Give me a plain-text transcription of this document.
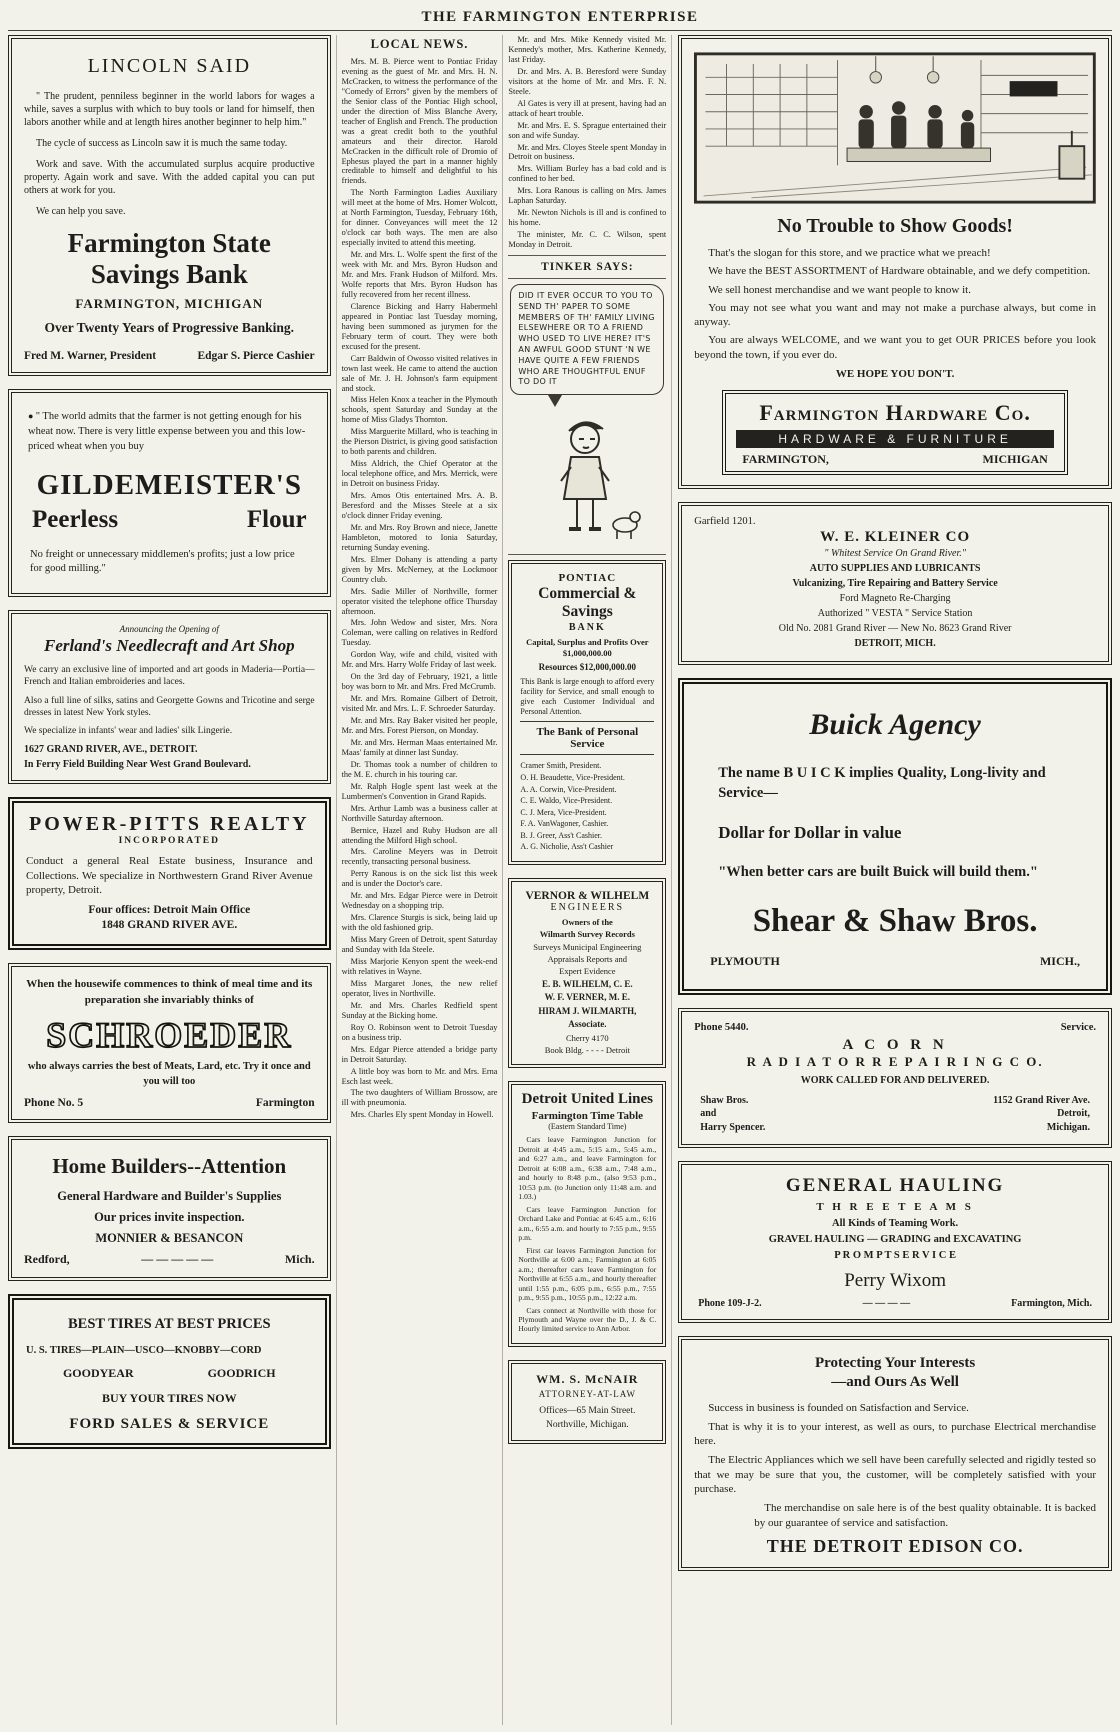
THE FARMINGTON ENTERPRISE
LINCOLN SAID

" The prudent, penniless beginner in the world labors for wages a while, saves a surplus with which to buy tools or land for himself, then labors another while and at length hires another beginner to help him."

The cycle of success as Lincoln saw it is much the same today.

Work and save. With the accumulated surplus acquire productive property. Again work and save. With the added capital you can put others at work for you.

We can help you save.

Farmington State Savings Bank

FARMINGTON, MICHIGAN

Over Twenty Years of Progressive Banking.

Fred M. Warner, President	Edgar S. Pierce Cashier

● " The world admits that the farmer is not getting enough for his wheat now. There is very little expense between you and this low-priced wheat when you buy

GILDEMEISTER'S
Peerless	Flour

No freight or unnecessary middlemen's profits; just a low price for good milling."

Announcing the Opening of

Ferland's Needlecraft and Art Shop

We carry an exclusive line of imported and art goods in Maderia—Portia—French and Italian embroideries and laces.

Also a full line of silks, satins and Georgette Gowns and Tricotine and serge dresses in latest New York styles.

We specialize in infants' wear and ladies' silk Lingerie.

1627 GRAND RIVER, AVE., DETROIT.

In Ferry Field Building Near West Grand Boulevard.

POWER-PITTS REALTY

INCORPORATED

Conduct a general Real Estate business, Insurance and Collections. We specialize in Northwestern Grand River Avenue property, Detroit.

Four offices: Detroit Main Office

1848 GRAND RIVER AVE.

When the housewife commences to think of meal time and its preparation she invariably thinks of

SCHROEDER

who always carries the best of Meats, Lard, etc. Try it once and you will too

Phone No. 5	Farmington
Home Builders--Attention

General Hardware and Builder's Supplies

Our prices invite inspection.

MONNIER & BESANCON

Redford,	— — — — —	Mich.
BEST TIRES AT BEST PRICES

U. S. TIRES—PLAIN—USCO—KNOBBY—CORD

GOODYEAR	GOODRICH

BUY YOUR TIRES NOW

FORD SALES & SERVICE

LOCAL NEWS.

Mrs. M. B. Pierce went to Pontiac Friday evening as the guest of Mr. and Mrs. H. N. McCracken, to witness the performance of the "Comedy of Errors" given by the members of the Senior class of the Pontiac High school, under the direction of Miss Blanche Avery, teacher of English and French. The production was a great credit both to the youthful amateurs and their director. Harold McCracken in the difficult role of Dromio of Ephesus played the part in a manner highly creditable to himself and delightful to his friends.

The North Farmington Ladies Auxiliary will meet at the home of Mrs. Homer Wolcott, at North Farmington, Tuesday, February 16th, for dinner. Conveyances will meet the 12 o'clock car both ways. The men are also especially invited to attend this meeting.

Mr. and Mrs. L. Wolfe spent the first of the week with Mr. and Mrs. Byron Hudson and Mr. and Mrs. Frank Hudson of Milford. Mrs. Wolfe reports that Mrs. Byron Hudson has fully recovered from her recent illness.

Clarence Bicking and Harry Habermehl appeared in Pontiac last Tuesday morning, having been summoned as jurymen for the February term of court. They were both excused for the present.

Carr Baldwin of Owosso visited relatives in town last week. He came to attend the auction sale of Mr. J. H. Johnson's farm equipment and stock.

Miss Helen Knox a teacher in the Plymouth schools, spent Saturday and Sunday at the home of Miss Gladys Thornton.

Miss Marguerite Millard, who is teaching in the Pierson District, is giving good satisfaction to both parents and children.

Miss Aldrich, the Chief Operator at the local telephone office, and Mrs. Merrick, were in Detroit on business Friday.

Mrs. Amos Otis entertained Mrs. A. B. Beresford and the Misses Steele at a six o'clock dinner Friday evening.

Mr. and Mrs. Roy Brown and niece, Janette Hambleton, motored to Ionia Saturday, returning Sunday evening.

Mrs. Elmer Dohany is attending a party given by Mrs. McNerney, at the Lockmoor Country club.

Mrs. Sadie Miller of Northville, former operator visited the telephone office Thursday afternoon.

Mrs. John Wedow and sister, Mrs. Nora Coleman, were calling on relatives in Redford Tuesday.

Gordon Way, wife and child, visited with Mr. and Mrs. Harry Wolfe Friday of last week.

On the 3rd day of February, 1921, a little boy was born to Mr. and Mrs. Fred McCrumb.

Mr. and Mrs. Romaine Gilbert of Detroit, visited Mr. and Mrs. L. F. Schroeder Saturday.

Mr. and Mrs. Ray Baker visited her people, Mr. and Mrs. Forest Pierson, on Monday.

Mr. and Mrs. Herman Maas entertained Mr. Maas' family at dinner last Sunday.

Dr. Thomas took a number of children to the M. E. church in his touring car.

Mr. Ralph Hogle spent last week at the Lumbermen's Convention in Grand Rapids.

Mrs. Arthur Lamb was a business caller at Northville Saturday afternoon.

Bernice, Hazel and Ruby Hudson are all attending the Milford High school.

Mrs. Caroline Meyers was in Detroit recently, transacting personal business.

Perry Ranous is on the sick list this week and is under the Doctor's care.

Mr. and Mrs. Edgar Pierce were in Detroit Wednesday on a shopping trip.

Mrs. Clarence Sturgis is sick, being laid up with the old fashioned grip.

Miss Mary Green of Detroit, spent Saturday and Sunday with Ida Steele.

Miss Marjorie Kenyon spent the week-end with relatives in Wayne.

Miss Margaret Jones, the new relief operator, lives in Northville.

Mr. and Mrs. Charles Redfield spent Sunday at the Bicking home.

Roy O. Robinson went to Detroit Tuesday on a business trip.

Mrs. Edgar Pierce attended a bridge party in Detroit Saturday.

A little boy was born to Mr. and Mrs. Erna Esch last week.

The two daughters of William Brossow, are ill with pneumonia.

Mrs. Charles Ely spent Monday in Howell.

Mr. and Mrs. Mike Kennedy visited Mr. Kennedy's mother, Mrs. Katherine Kennedy, last Friday.

Dr. and Mrs. A. B. Beresford were Sunday visitors at the home of Mr. and Mrs. F. N. Steele.

Al Gates is very ill at present, having had an attack of heart trouble.

Mr. and Mrs. E. S. Sprague entertained their son and wife Sunday.

Mr. and Mrs. Cloyes Steele spent Monday in Detroit on business.

Mrs. William Burley has a bad cold and is confined to her bed.

Mrs. Lora Ranous is calling on Mrs. James Laphan Saturday.

Mr. Newton Nichols is ill and is confined to his home.

The minister, Mr. C. C. Wilson, spent Monday in Detroit.

TINKER SAYS:
DID IT EVER OCCUR TO YOU TO SEND TH' PAPER TO SOME MEMBERS OF TH' FAMILY LIVING ELSEWHERE OR TO A FRIEND WHO USED TO LIVE HERE? IT'S AN AWFUL GOOD STUNT 'N WE HAVE QUITE A FEW FRIENDS WHO ARE THOUGHTFUL ENUF TO DO IT

PONTIAC

Commercial & Savings

BANK

Capital, Surplus and Profits Over $1,000,000.00

Resources $12,000,000.00

This Bank is large enough to afford every facility for Service, and small enough to give each Customer Individual and Personal Attention.

The Bank of Personal Service

Cramer Smith, President.

O. H. Beaudette, Vice-President.

A. A. Corwin, Vice-President.

C. E. Waldo, Vice-President.

C. J. Mera, Vice-President.

F. A. VanWagoner, Cashier.

B. J. Greer, Ass't Cashier.

A. G. Nicholie, Ass't Cashier

VERNOR & WILHELM

ENGINEERS

Owners of the

Wilmarth Survey Records

Surveys Municipal Engineering

Appraisals Reports and

Expert Evidence

E. B. WILHELM, C. E.

W. F. VERNER, M. E.

HIRAM J. WILMARTH,

Associate.

Cherry 4170

Book Bldg. - - - - Detroit

Detroit United Lines

Farmington Time Table

(Eastern Standard Time)

Cars leave Farmington Junction for Detroit at 4:45 a.m., 5:15 a.m., 5:45 a.m., and 6:27 a.m., and leave Farmington for Detroit at 6:08 a.m., 6:38 a.m., 7:48 a.m., and hourly to 8:48 p.m., (also 9:53 p.m., 10:53 p.m. (to Junction only 11:48 a.m. and 1.03.)

Cars leave Farmington Junction for Orchard Lake and Pontiac at 6:45 a.m., 6:16 a.m., 6:55 a.m. and hourly to 7:55 p.m., 9:55 p.m.

First car leaves Farmington Junction for Northville at 6:00 a.m.; Farmington at 6:05 a.m.; thereafter cars leave Farmington for Northville at 6:55 a.m., and hourly thereafter until 1:55 p.m., 6:05 p.m., 6:55 p.m., 7:55 p.m., 9:55 p.m., 10:55 p.m., 12:22 a.m.

Cars connect at Northville with those for Plymouth and Wayne over the D., J. & C. Hourly limited service to Ann Arbor.

WM. S. McNAIR

ATTORNEY-AT-LAW

Offices—65 Main Street.

Northville, Michigan.

No Trouble to Show Goods!

That's the slogan for this store, and we practice what we preach!

We have the BEST ASSORTMENT of Hardware obtainable, and we defy competition.

We sell honest merchandise and we want people to know it.

You may not see what you want and may not make a purchase always, but come in anyway.

You are always WELCOME, and we want you to get OUR PRICES before you look beyond the town, if you ever do.

WE HOPE YOU DON'T.

Farmington Hardware Co.
HARDWARE & FURNITURE
FARMINGTON,	MICHIGAN

Garfield 1201.

W. E. KLEINER CO

" Whitest Service On Grand River."

AUTO SUPPLIES AND LUBRICANTS

Vulcanizing, Tire Repairing and Battery Service

Ford Magneto Re-Charging

Authorized " VESTA " Service Station

Old No. 2081 Grand River — New No. 8623 Grand River

DETROIT, MICH.

Buick Agency

The name B U I C K implies Quality, Long-livity and Service—

Dollar for Dollar in value

"When better cars are built Buick will build them."

Shear & Shaw Bros.
PLYMOUTH	MICH.,
Phone 5440.	Service.

A C O R N

R A D I A T O R R E P A I R I N G C O.

WORK CALLED FOR AND DELIVERED.

Shaw Bros.

and

Harry Spencer.

1152 Grand River Ave.

Detroit,

Michigan.

GENERAL HAULING

T H R E E T E A M S

All Kinds of Teaming Work.

GRAVEL HAULING — GRADING and EXCAVATING

P R O M P T S E R V I C E

Perry Wixom

Phone 109-J-2.	— — — —	Farmington, Mich.
Protecting Your Interests
—and Ours As Well

Success in business is founded on Satisfaction and Service.

That is why it is to your interest, as well as ours, to purchase Electrical merchandise here.

The Electric Appliances which we sell have been carefully selected and rigidly tested so that we may be sure that you, the customer, will be completely satisfied with your purchase.

The merchandise on sale here is of the best quality obtainable. It is backed by our guarantee of service and satisfaction.

THE DETROIT EDISON CO.
